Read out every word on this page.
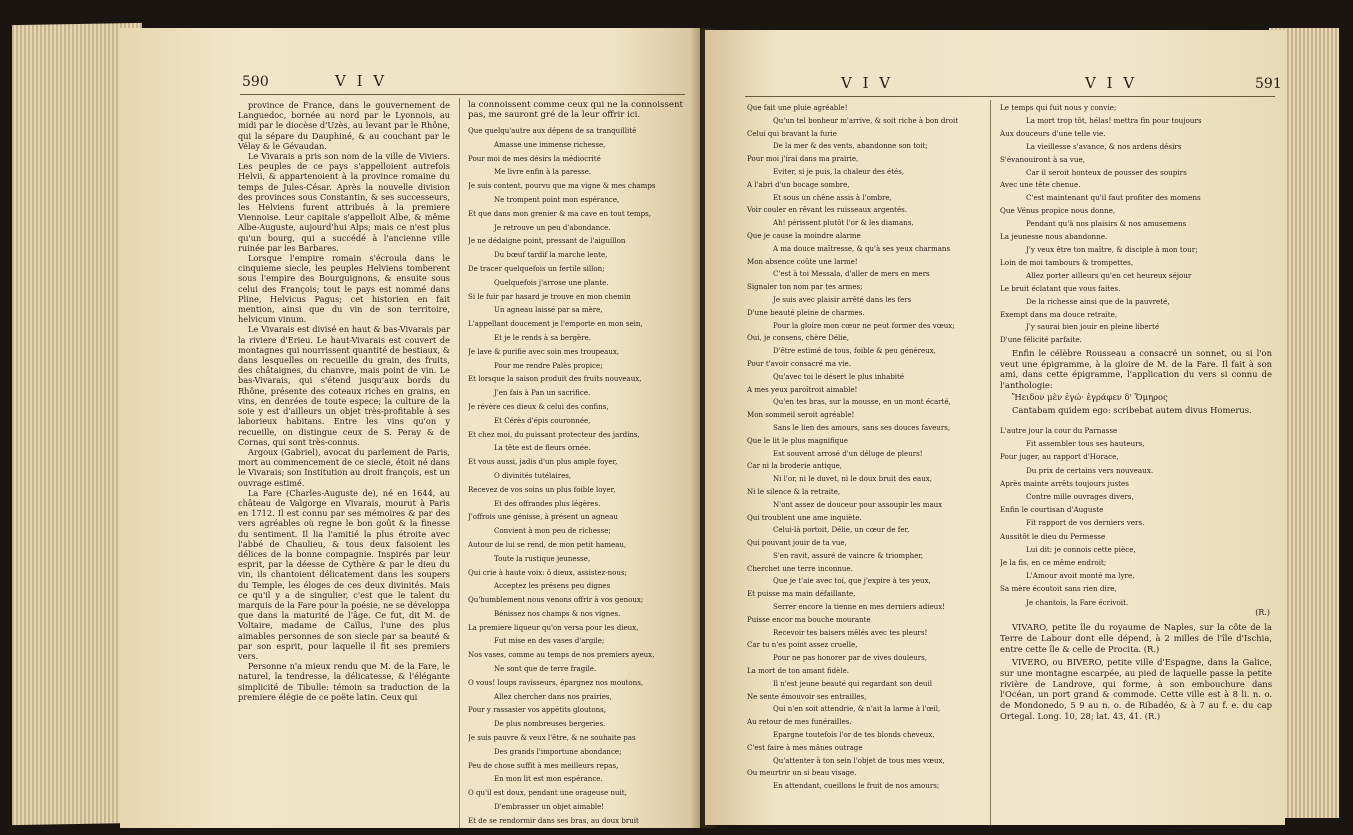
590	V I V

province de France, dans le gouvernement de Languedoc, bornée au nord par le Lyonnois, au midi par le diocèse d'Uzès, au levant par le Rhône, qui la sépare du Dauphiné, & au couchant par le Vélay & le Gévaudan.

Le Vivarais a pris son nom de la ville de Viviers. Les peuples de ce pays s'appelloient autrefois Helvii, & appartenoient à la province romaine du temps de Jules-César. Après la nouvelle division des provinces sous Constantin, & ses successeurs, les Helviens furent attribués à la premiere Viennoise. Leur capitale s'appelloit Albe, & même Albe-Auguste, aujourd'hui Alps; mais ce n'est plus qu'un bourg, qui a succédé à l'ancienne ville ruinée par les Barbares.

Lorsque l'empire romain s'écroula dans le cinquieme siecle, les peuples Helviens tomberent sous l'empire des Bourguignons, & ensuite sous celui des François; tout le pays est nommé dans Pline, Helvicus Pagus; cet historien en fait mention, ainsi que du vin de son territoire, helvicum vinum.

Le Vivarais est divisé en haut & bas-Vivarais par la riviere d'Erieu. Le haut-Vivarais est couvert de montagnes qui nourrissent quantité de bestiaux, & dans lesquelles on recueille du grain, des fruits, des châtaignes, du chanvre, mais point de vin. Le bas-Vivarais, qui s'étend jusqu'aux bords du Rhône, présente des coteaux riches en grains, en vins, en denrées de toute espece; la culture de la soie y est d'ailleurs un objet très-profitable à ses laborieux habitans. Entre les vins qu'on y recueille, on distingue ceux de S. Peray & de Cornas, qui sont très-connus.

Argoux (Gabriel), avocat du parlement de Paris, mort au commencement de ce siecle, étoit né dans le Vivarais; son Institution au droit françois, est un ouvrage estimé.

La Fare (Charles-Auguste de), né en 1644, au château de Valgorge en Vivarais, mourut à Paris en 1712. Il est connu par ses mémoires & par des vers agréables où regne le bon goût & la finesse du sentiment. Il lia l'amitié la plus étroite avec l'abbé de Chaulieu, & tous deux faisoient les délices de la bonne compagnie. Inspirés par leur esprit, par la déesse de Cythère & par le dieu du vin, ils chantoient délicatement dans les soupers du Temple, les éloges de ces deux divinités. Mais ce qu'il y a de singulier, c'est que le talent du marquis de la Fare pour la poésie, ne se développa que dans la maturité de l'âge. Ce fut, dit M. de Voltaire, madame de Caïlus, l'une des plus aimables personnes de son siecle par sa beauté & par son esprit, pour laquelle il fit ses premiers vers.

Personne n'a mieux rendu que M. de la Fare, le naturel, la tendresse, la délicatesse, & l'élégante simplicité de Tibulle: témoin sa traduction de la premiere élégie de ce poëte latin. Ceux qui

la connoissent comme ceux qui ne la connoissent pas, me sauront gré de la leur offrir ici.
Que quelqu'autre aux dépens de sa tranquillité
Amasse une immense richesse,
Pour moi de mes désirs la médiocrité
Me livre enfin à la paresse.
Je suis content, pourvu que ma vigne & mes champs
Ne trompent point mon espérance,
Et que dans mon grenier & ma cave en tout temps,
Je retrouve un peu d'abondance.
Je ne dédaigne point, pressant de l'aiguillon
Du bœuf tardif la marche lente,
De tracer quelquefois un fertile sillon;
Quelquefois j'arrose une plante.
Si le fuir par hasard je trouve en mon chemin
Un agneau laissé par sa mère,
L'appellant doucement je l'emporte en mon sein,
Et je le rends à sa bergère.
Je lave & purifie avec soin mes troupeaux,
Pour me rendre Palès propice;
Et lorsque la saison produit des fruits nouveaux,
J'en fais à Pan un sacrifice.
Je révère ces dieux & celui des confins,
Et Cérès d'épis couronnée,
Et chez moi, du puissant protecteur des jardins,
La tête est de fleurs ornée.
Et vous aussi, jadis d'un plus ample foyer,
O divinités tutélaires,
Recevez de vos soins un plus foible loyer,
Et des offrandes plus légères.
J'offrois une génisse, à présent un agneau
Convient à mon peu de richesse;
Autour de lui se rend, de mon petit hameau,
Toute la rustique jeunesse,
Qui crie à haute voix: ô dieux, assistez-nous;
Acceptez les présens peu dignes
Qu'humblement nous venons offrir à vos genoux;
Bénissez nos champs & nos vignes.
La premiere liqueur qu'on versa pour les dieux,
Fut mise en des vases d'argile;
Nos vases, comme au temps de nos premiers ayeux,
Ne sont que de terre fragile.
O vous! loups ravisseurs, épargnez nos moutons,
Allez chercher dans nos prairies,
Pour y rassasier vos appétits gloutons,
De plus nombreuses bergeries.
Je suis pauvre & veux l'être, & ne souhaite pas
Des grands l'importune abondance;
Peu de chose suffit à mes meilleurs repas,
En mon lit est mon espérance.
O qu'il est doux, pendant une orageuse nuit,
D'embrasser un objet aimable!
Et de se rendormir dans ses bras, au doux bruit
V I V	V I V	591
Que fait une pluie agréable!
Qu'un tel bonheur m'arrive, & soit riche à bon droit
Celui qui bravant la furie
De la mer & des vents, abandonne son toit;
Pour moi j'irai dans ma prairie,
Eviter, si je puis, la chaleur des étés,
A l'abri d'un bocage sombre,
Et sous un chêne assis à l'ombre,
Voir couler en rêvant les ruisseaux argentés.
Ah! périssent plutôt l'or & les diamans,
Que je cause la moindre alarme
A ma douce maîtresse, & qu'à ses yeux charmans
Mon absence coûte une larme!
C'est à toi Messala, d'aller de mers en mers
Signaler ton nom par tes armes;
Je suis avec plaisir arrêté dans les fers
D'une beauté pleine de charmes.
Pour la gloire mon cœur ne peut former des vœux;
Oui, je consens, chère Délie,
D'être estimé de tous, foible & peu généreux,
Pour t'avoir consacré ma vie.
Qu'avec toi le désert le plus inhabité
A mes yeux paroîtroit aimable!
Qu'en tes bras, sur la mousse, en un mont écarté,
Mon sommeil seroit agréable!
Sans le lien des amours, sans ses douces faveurs,
Que le lit le plus magnifique
Est souvent arrosé d'un déluge de pleurs!
Car ni la broderie antique,
Ni l'or, ni le duvet, ni le doux bruit des eaux,
Ni le silence & la retraite,
N'ont assez de douceur pour assoupir les maux
Qui troublent une ame inquiète.
Celui-là portoit, Délie, un cœur de fer,
Qui pouvant jouir de ta vue,
S'en ravit, assuré de vaincre & triompher,
Cherchet une terre inconnue.
Que je t'aie avec toi, que j'expire à tes yeux,
Et puisse ma main défaillante,
Serrer encore la tienne en mes derniers adieux!
Puisse encor ma bouche mourante
Recevoir tes baisers mêlés avec tes pleurs!
Car tu n'es point assez cruelle,
Pour ne pas honorer par de vives douleurs,
La mort de ton amant fidèle.
Il n'est jeune beauté qui regardant son deuil
Ne sente émouvoir ses entrailles,
Qui n'en soit attendrie, & n'ait la larme à l'œil,
Au retour de mes funérailles.
Epargne toutefois l'or de tes blonds cheveux,
C'est faire à mes mânes outrage
Qu'attenter à ton sein l'objet de tous mes vœux,
Ou meurtrir un si beau visage.
En attendant, cueillons le fruit de nos amours;
Le temps qui fuit nous y convie;
La mort trop tôt, hélas! mettra fin pour toujours
Aux douceurs d'une telle vie.
La vieillesse s'avance, & nos ardens désirs
S'évanouiront à sa vue,
Car il seroit honteux de pousser des soupirs
Avec une tête chenue.
C'est maintenant qu'il faut profiter des momens
Que Vénus propice nous donne,
Pendant qu'à nos plaisirs & nos amusemens
La jeunesse nous abandonne.
J'y veux être ton maître, & disciple à mon tour;
Loin de moi tambours & trompettes,
Allez porter ailleurs qu'en cet heureux séjour
Le bruit éclatant que vous faites.
De la richesse ainsi que de la pauvreté,
Exempt dans ma douce retraite,
J'y saurai bien jouir en pleine liberté
D'une félicité parfaite.

Enfin le célèbre Rousseau a consacré un sonnet, ou si l'on veut une épigramme, à la gloire de M. de la Fare. Il fait à son ami, dans cette épigramme, l'application du vers si connu de l'anthologie:

Ἤειδον μὲν ἐγώ· ἐγράφεν δ' Ὅμηρος

Cantabam quidem ego: scribebat autem divus Homerus.

L'autre jour la cour du Parnasse
Fit assembler tous ses hauteurs,
Pour juger, au rapport d'Horace,
Du prix de certains vers nouveaux.
Après mainte arrêts toujours justes
Contre mille ouvrages divers,
Enfin le courtisan d'Auguste
Fit rapport de vos derniers vers.
Aussitôt le dieu du Permesse
Lui dit: je connois cette pièce,
Je la fis, en ce même endroit;
L'Amour avoit monté ma lyre,
Sa mère écoutoit sans rien dire,
Je chantois, la Fare écrivoit.
(R.)

VIVARO, petite île du royaume de Naples, sur la côte de la Terre de Labour dont elle dépend, à 2 milles de l'île d'Ischia, entre cette île & celle de Procita. (R.)

VIVERO, ou BIVERO, petite ville d'Espagne, dans la Galice, sur une montagne escarpée, au pied de laquelle passe la petite rivière de Landrove, qui forme, à son embouchure dans l'Océan, un port grand & commode. Cette ville est à 8 li. n. o. de Mondonedo, 5 9 au n. o. de Ribadéo, & à 7 au f. e. du cap Ortegal. Long. 10, 28; lat. 43, 41. (R.)
